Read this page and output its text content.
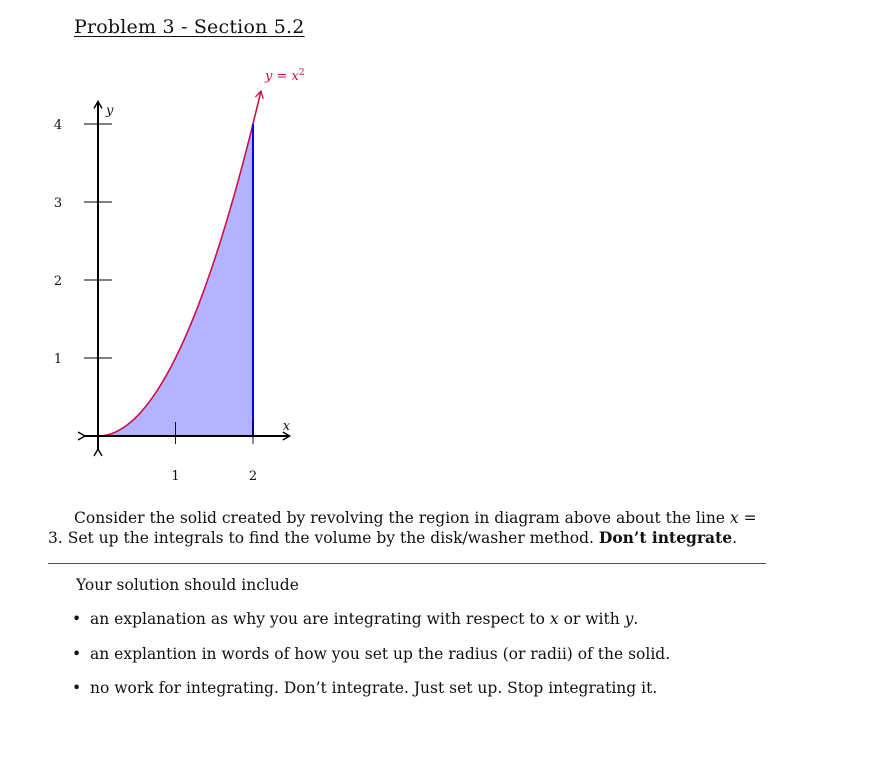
Problem 3 - Section 5.2
1
2
3
4
1	2
y
x
$y = x^2$
Consider the solid created by revolving the region in diagram above about the line x = 3. Set up the integrals to find the volume by the disk/washer method. Don’t integrate.
Your solution should include
• an explanation as why you are integrating with respect to x or with y.
• an explantion in words of how you set up the radius (or radii) of the solid.
• no work for integrating. Don’t integrate. Just set up. Stop integrating it.
